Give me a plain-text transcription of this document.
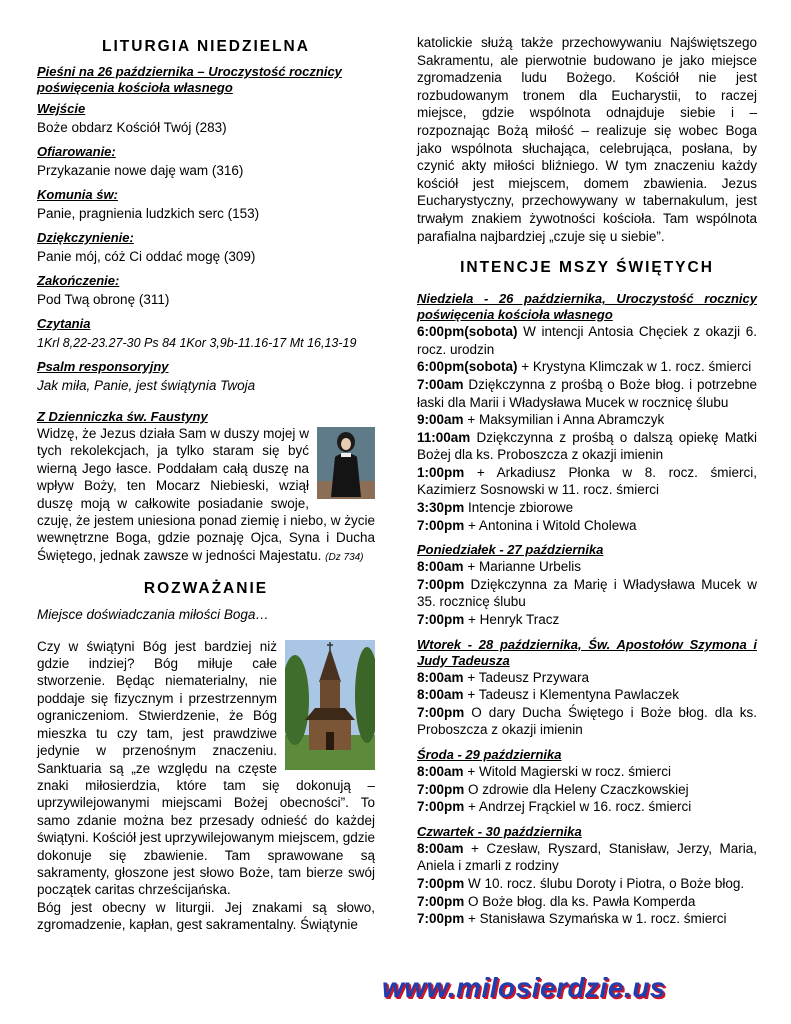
LITURGIA NIEDZIELNA
Pieśni na 26 października – Uroczystość rocznicy poświęcenia kościoła własnego
Wejście
Boże obdarz Kościół Twój (283)
Ofiarowanie:
Przykazanie nowe daję wam (316)
Komunia św:
Panie, pragnienia ludzkich serc (153)
Dziękczynienie:
Panie mój, cóż Ci oddać mogę (309)
Zakończenie:
Pod Twą obronę (311)
Czytania
1Krl 8,22-23.27-30 Ps 84 1Kor 3,9b-11.16-17 Mt 16,13-19
Psalm responsoryjny
Jak miła, Panie, jest świątynia Twoja
Z Dzienniczka św. Faustyny
Widzę, że Jezus działa Sam w duszy mojej w tych rekolekcjach, ja tylko staram się być wierną Jego łasce. Poddałam całą duszę na wpływ Boży, ten Mocarz Niebieski, wziął duszę moją w całkowite posiadanie swoje, czuję, że jestem uniesiona ponad ziemię i niebo, w życie wewnętrzne Boga, gdzie poznaję Ojca, Syna i Ducha Świętego, jednak zawsze w jedności Majestatu. (Dz 734)
ROZWAŻANIE
Miejsce doświadczania miłości Boga…

Czy w świątyni Bóg jest bardziej niż gdzie indziej? Bóg miłuje całe stworzenie. Będąc niematerialny, nie poddaje się fizycznym i przestrzennym ograniczeniom. Stwierdzenie, że Bóg mieszka tu czy tam, jest prawdziwe jedynie w przenośnym znaczeniu. Sanktuaria są „ze względu na częste znaki miłosierdzia, które tam się dokonują – uprzywilejowanymi miejscami Bożej obecności”. To samo zdanie można bez przesady odnieść do każdej świątyni. Kościół jest uprzywilejowanym miejscem, gdzie dokonuje się zbawienie. Tam sprawowane są sakramenty, głoszone jest słowo Boże, tam bierze swój początek caritas chrześcijańska.

Bóg jest obecny w liturgii. Jej znakami są słowo, zgromadzenie, kapłan, gest sakramentalny. Świątynie

katolickie służą także przechowywaniu Najświętszego Sakramentu, ale pierwotnie budowano je jako miejsce zgromadzenia ludu Bożego. Kościół nie jest rozbudowanym tronem dla Eucharystii, to raczej miejsce, gdzie wspólnota odnajduje siebie i – rozpoznając Bożą miłość – realizuje się wobec Boga jako wspólnota słuchająca, celebrująca, posłana, by czynić akty miłości bliźniego. W tym znaczeniu każdy kościół jest miejscem, domem zbawienia. Jezus Eucharystyczny, przechowywany w tabernakulum, jest trwałym znakiem żywotności kościoła. Tam wspólnota parafialna najbardziej „czuje się u siebie”.
INTENCJE MSZY ŚWIĘTYCH
Niedziela - 26 października, Uroczystość rocznicy poświęcenia kościoła własnego
6:00pm(sobota) W intencji Antosia Chęciek z okazji 6. rocz. urodzin
6:00pm(sobota) + Krystyna Klimczak w 1. rocz. śmierci
7:00am Dziękczynna z prośbą o Boże błog. i potrzebne łaski dla Marii i Władysława Mucek w rocznicę ślubu
9:00am + Maksymilian i Anna Abramczyk
11:00am Dziękczynna z prośbą o dalszą opiekę Matki Bożej dla ks. Proboszcza z okazji imienin
1:00pm + Arkadiusz Płonka w 8. rocz. śmierci, Kazimierz Sosnowski w 11. rocz. śmierci
3:30pm Intencje zbiorowe
7:00pm + Antonina i Witold Cholewa
Poniedziałek - 27 października
8:00am + Marianne Urbelis
7:00pm Dziękczynna za Marię i Władysława Mucek w 35. rocznicę ślubu
7:00pm + Henryk Tracz
Wtorek - 28 października, Św. Apostołów Szymona i Judy Tadeusza
8:00am + Tadeusz Przywara
8:00am + Tadeusz i Klementyna Pawlaczek
7:00pm O dary Ducha Świętego i Boże błog. dla ks. Proboszcza z okazji imienin
Środa - 29 października
8:00am + Witold Magierski w rocz. śmierci
7:00pm O zdrowie dla Heleny Czaczkowskiej
7:00pm + Andrzej Frąckiel w 16. rocz. śmierci
Czwartek - 30 października
8:00am + Czesław, Ryszard, Stanisław, Jerzy, Maria, Aniela i zmarli z rodziny
7:00pm W 10. rocz. ślubu Doroty i Piotra, o Boże błog.
7:00pm O Boże błog. dla ks. Pawła Komperda
7:00pm + Stanisława Szymańska w 1. rocz. śmierci
www.milosierdzie.us
